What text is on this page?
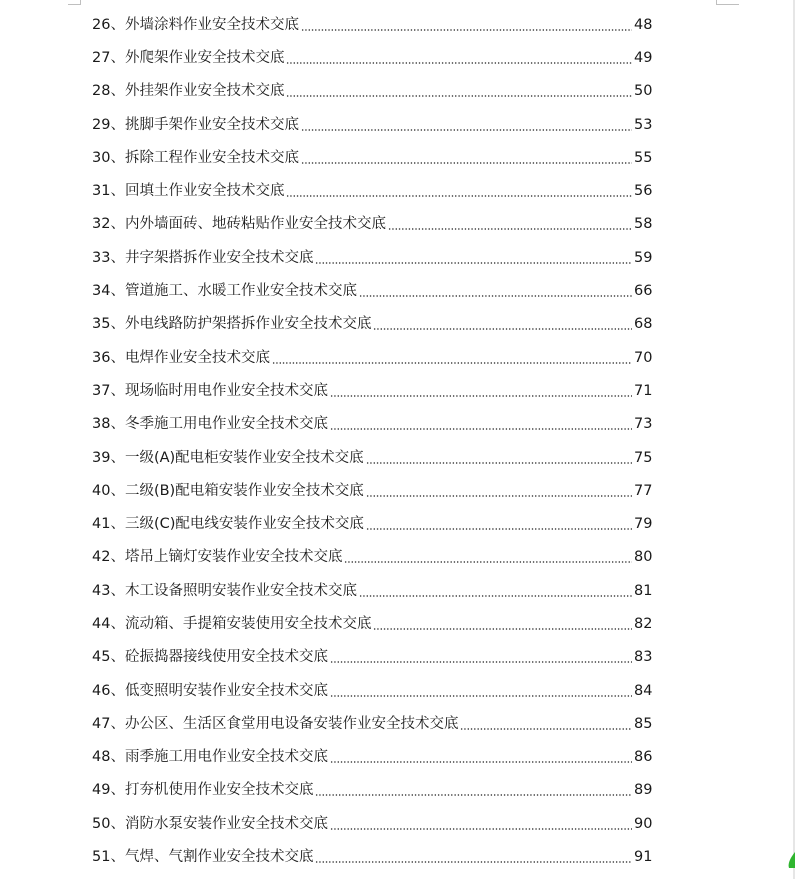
26 、 外墙涂料作业安全技术交底	48
27 、 外爬架作业安全技术交底	49
28 、 外挂架作业安全技术交底	50
29 、 挑脚手架作业安全技术交底	53
30 、 拆除工程作业安全技术交底	55
31 、 回填土作业安全技术交底	56
32 、 内外墙面砖、地砖粘贴作业安全技术交底	58
33 、 井字架搭拆作业安全技术交底	59
34 、 管道施工、水暖工作业安全技术交底	66
35 、 外电线路防护架搭拆作业安全技术交底	68
36 、 电焊作业安全技术交底	70
37 、 现场临时用电作业安全技术交底	71
38 、 冬季施工用电作业安全技术交底	73
39 、 一级(A)配电柜安装作业安全技术交底	75
40 、 二级(B)配电箱安装作业安全技术交底	77
41 、 三级(C)配电线安装作业安全技术交底	79
42 、 塔吊上镝灯安装作业安全技术交底	80
43 、 木工设备照明安装作业安全技术交底	81
44 、 流动箱、手提箱安装使用安全技术交底	82
45 、 砼振捣器接线使用安全技术交底	83
46 、 低变照明安装作业安全技术交底	84
47 、 办公区、生活区食堂用电设备安装作业安全技术交底	85
48 、 雨季施工用电作业安全技术交底	86
49 、 打夯机使用作业安全技术交底	89
50 、 消防水泵安装作业安全技术交底	90
51 、 气焊、气割作业安全技术交底	91
